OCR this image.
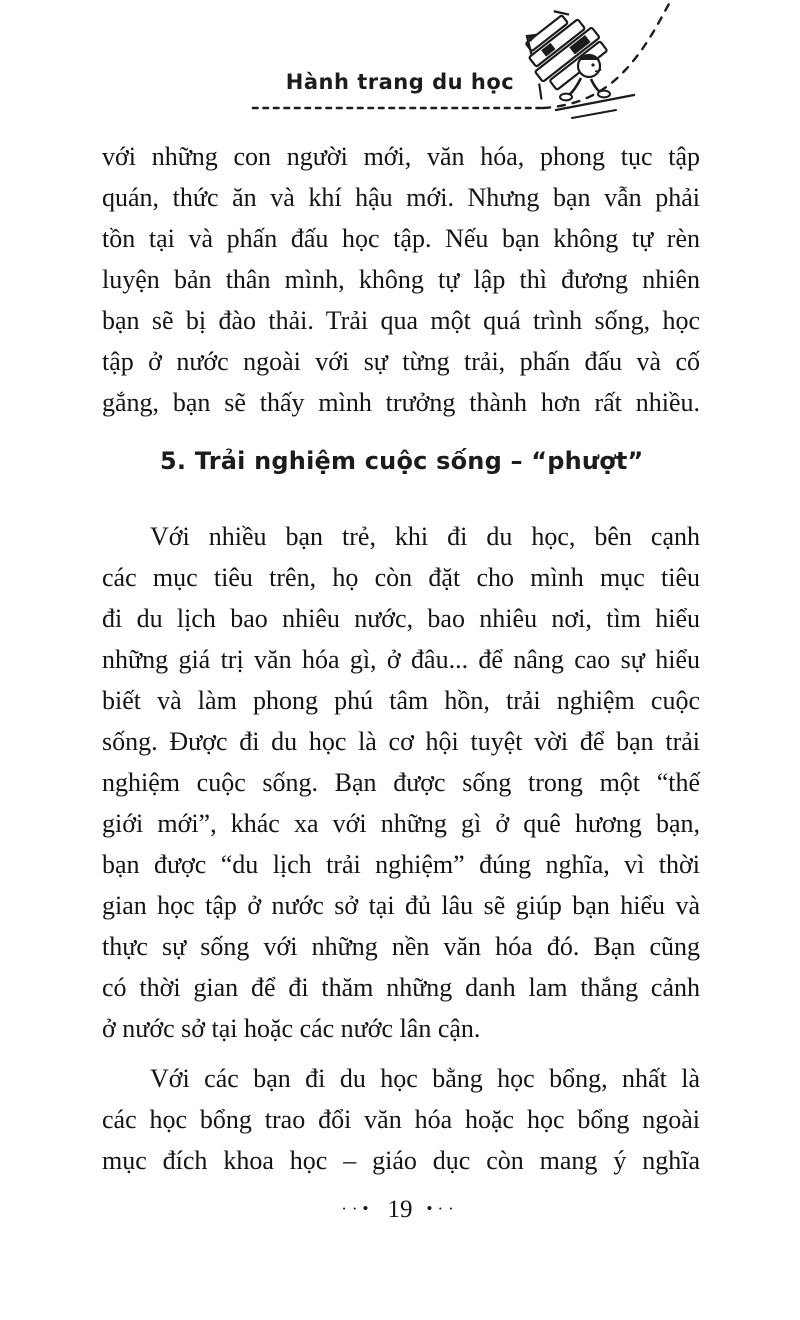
Hành trang du học
với những con người mới, văn hóa, phong tục tập
quán, thức ăn và khí hậu mới. Nhưng bạn vẫn phải
tồn tại và phấn đấu học tập. Nếu bạn không tự rèn
luyện bản thân mình, không tự lập thì đương nhiên
bạn sẽ bị đào thải. Trải qua một quá trình sống, học
tập ở nước ngoài với sự từng trải, phấn đấu và cố
gắng, bạn sẽ thấy mình trưởng thành hơn rất nhiều.
5. Trải nghiệm cuộc sống – “phượt”
Với nhiều bạn trẻ, khi đi du học, bên cạnh
các mục tiêu trên, họ còn đặt cho mình mục tiêu
đi du lịch bao nhiêu nước, bao nhiêu nơi, tìm hiểu
những giá trị văn hóa gì, ở đâu... để nâng cao sự hiểu
biết và làm phong phú tâm hồn, trải nghiệm cuộc
sống. Được đi du học là cơ hội tuyệt vời để bạn trải
nghiệm cuộc sống. Bạn được sống trong một “thế
giới mới”, khác xa với những gì ở quê hương bạn,
bạn được “du lịch trải nghiệm” đúng nghĩa, vì thời
gian học tập ở nước sở tại đủ lâu sẽ giúp bạn hiểu và
thực sự sống với những nền văn hóa đó. Bạn cũng
có thời gian để đi thăm những danh lam thắng cảnh
ở nước sở tại hoặc các nước lân cận.
Với các bạn đi du học bằng học bổng, nhất là
các học bổng trao đổi văn hóa hoặc học bổng ngoài
mục đích khoa học – giáo dục còn mang ý nghĩa
··• 19 •··
